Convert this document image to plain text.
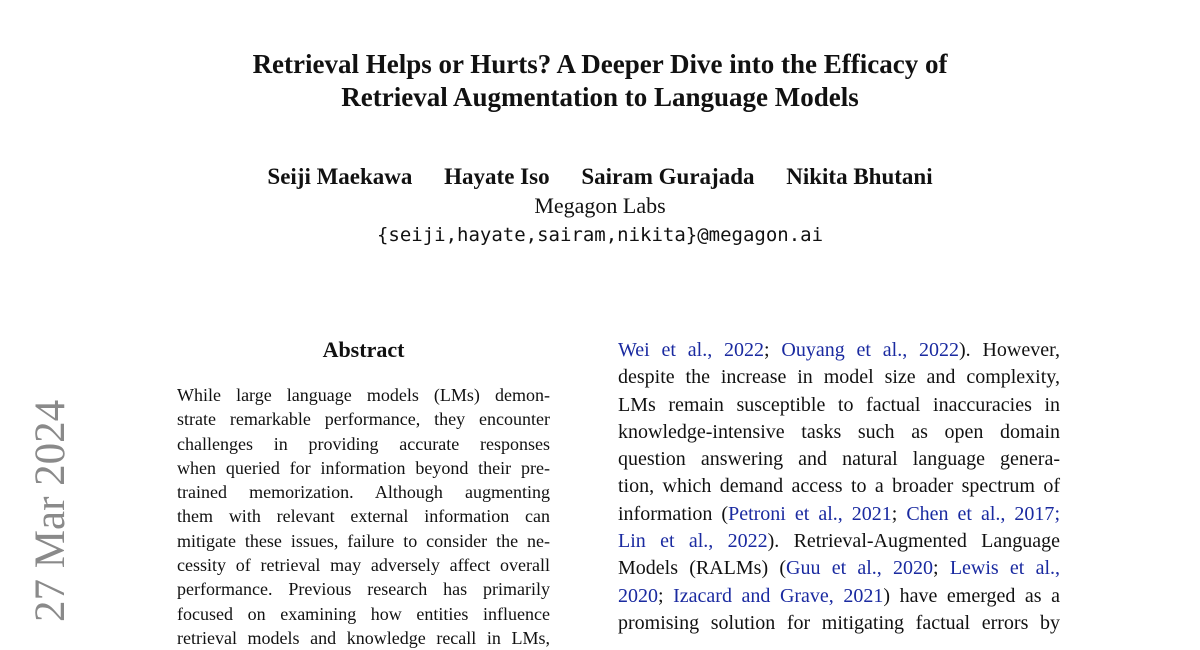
Retrieval Helps or Hurts? A Deeper Dive into the Efficacy of
Retrieval Augmentation to Language Models
Seiji Maekawa Hayate Iso Sairam Gurajada Nikita Bhutani
Megagon Labs
{seiji,hayate,sairam,nikita}@megagon.ai
27 Mar 2024
Abstract
While large language models (LMs) demon-
strate remarkable performance, they encounter
challenges in providing accurate responses
when queried for information beyond their pre-
trained memorization. Although augmenting
them with relevant external information can
mitigate these issues, failure to consider the ne-
cessity of retrieval may adversely affect overall
performance. Previous research has primarily
focused on examining how entities influence
retrieval models and knowledge recall in LMs,
Wei et al., 2022; Ouyang et al., 2022). However,
despite the increase in model size and complexity,
LMs remain susceptible to factual inaccuracies in
knowledge-intensive tasks such as open domain
question answering and natural language genera-
tion, which demand access to a broader spectrum of
information (Petroni et al., 2021; Chen et al., 2017;
Lin et al., 2022). Retrieval-Augmented Language
Models (RALMs) (Guu et al., 2020; Lewis et al.,
2020; Izacard and Grave, 2021) have emerged as a
promising solution for mitigating factual errors by
